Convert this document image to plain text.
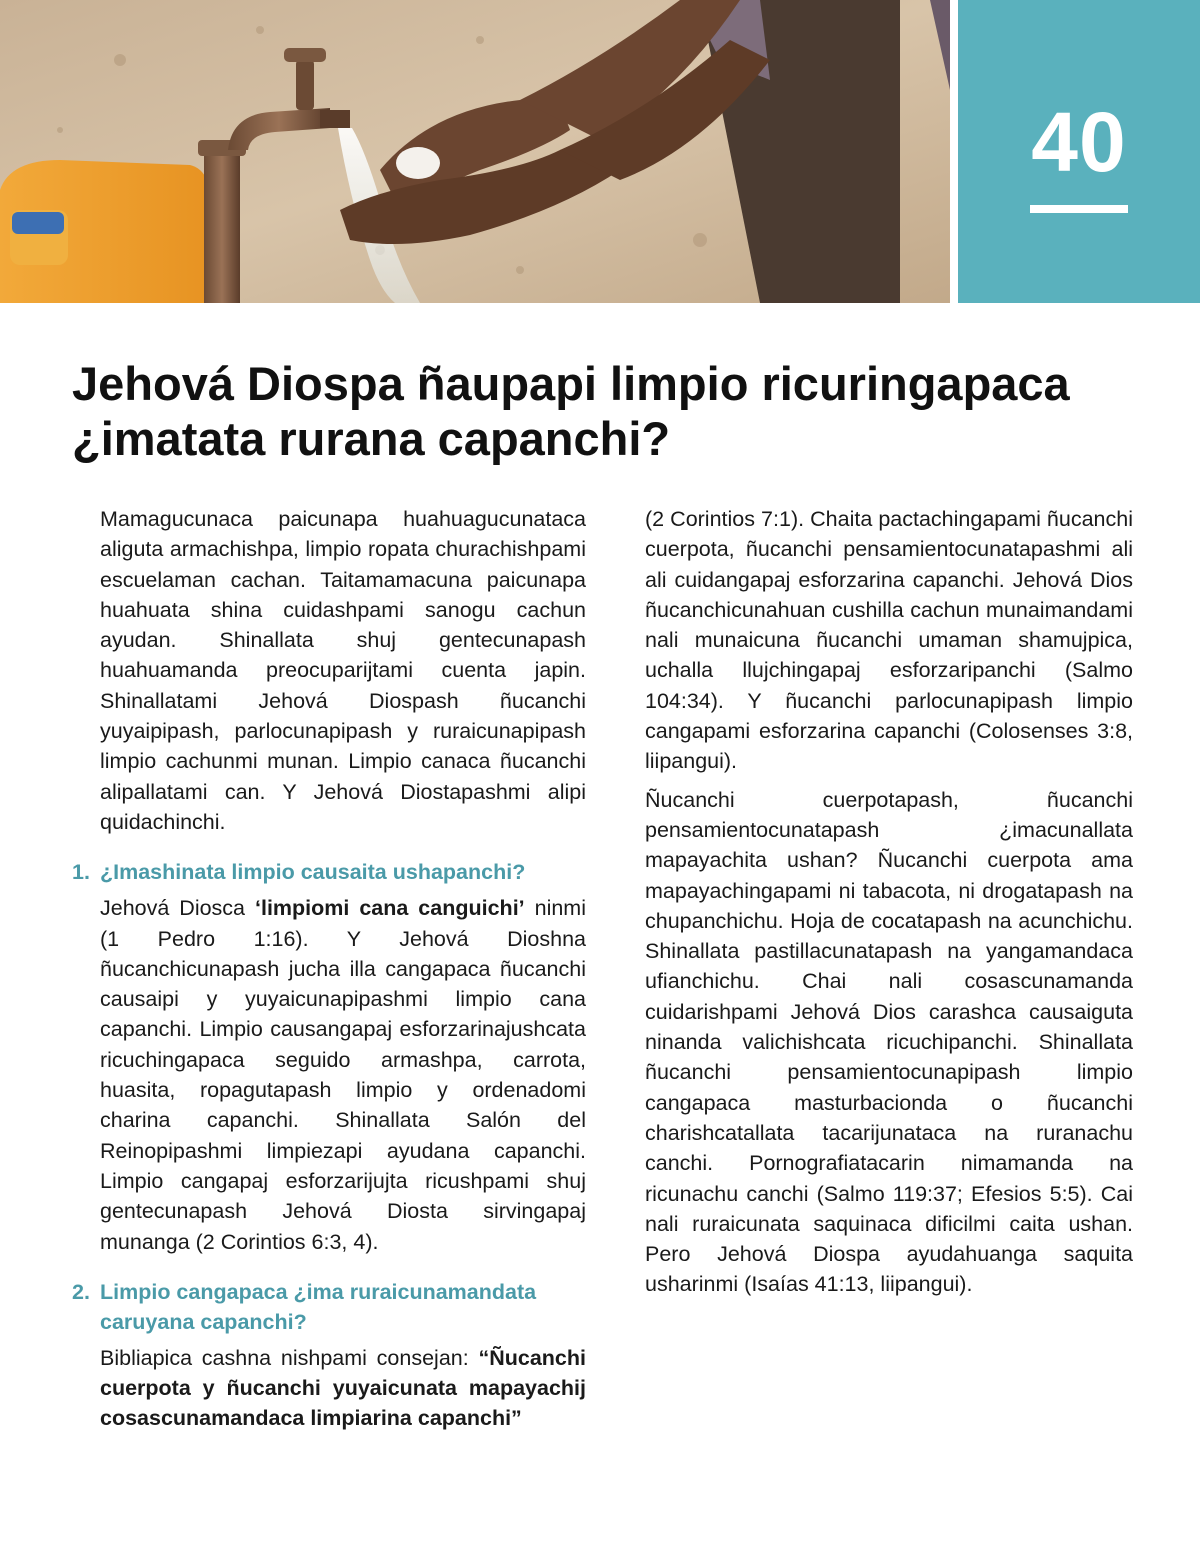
40
Jehová Diospa ñaupapi limpio ricuringapaca ¿imatata rurana capanchi?

Mamagucunaca paicunapa huahuagucunataca aliguta armachishpa, limpio ropata churachishpami escuelaman cachan. Taitamamacuna paicunapa huahuata shina cuidashpami sanogu cachun ayudan. Shinallata shuj gentecunapash huahuamanda preocuparijtami cuenta japin. Shinallatami Jehová Diospash ñucanchi yuyaipipash, parlocunapipash y ruraicunapipash limpio cachunmi munan. Limpio canaca ñucanchi alipallatami can. Y Jehová Diostapashmi alipi quidachinchi.

1. ¿Imashinata limpio causaita ushapanchi?

Jehová Diosca ‘limpiomi cana canguichi’ ninmi (1 Pedro 1:16). Y Jehová Dioshna ñucanchicunapash jucha illa cangapaca ñucanchi causaipi y yuyaicunapipashmi limpio cana capanchi. Limpio causangapaj esforzarinajushcata ricuchingapaca seguido armashpa, carrota, huasita, ropagutapash limpio y ordenadomi charina capanchi. Shinallata Salón del Reinopipashmi limpiezapi ayudana capanchi. Limpio cangapaj esforzarijujta ricushpami shuj gentecunapash Jehová Diosta sirvingapaj munanga (2 Corintios 6:3, 4).

2. Limpio cangapaca ¿ima ruraicunamandata caruyana capanchi?

Bibliapica cashna nishpami consejan: “Ñucanchi cuerpota y ñucanchi yuyaicunata mapayachij cosascunamandaca limpiarina capanchi”

(2 Corintios 7:1). Chaita pactachingapami ñucanchi cuerpota, ñucanchi pensamientocunatapashmi ali ali cuidangapaj esforzarina capanchi. Jehová Dios ñucanchicunahuan cushilla cachun munaimandami nali munaicuna ñucanchi umaman shamujpica, uchalla llujchingapaj esforzaripanchi (Salmo 104:34). Y ñucanchi parlocunapipash limpio cangapami esforzarina capanchi (Colosenses 3:8, liipangui).

Ñucanchi cuerpotapash, ñucanchi pensamientocunatapash ¿imacunallata mapayachita ushan? Ñucanchi cuerpota ama mapayachingapami ni tabacota, ni drogatapash na chupanchichu. Hoja de cocatapash na acunchichu. Shinallata pastillacunatapash na yangamandaca ufianchichu. Chai nali cosascunamanda cuidarishpami Jehová Dios carashca causaiguta ninanda valichishcata ricuchipanchi. Shinallata ñucanchi pensamientocunapipash limpio cangapaca masturbacionda o ñucanchi charishcatallata tacarijunataca na ruranachu canchi. Pornografiatacarin nimamanda na ricunachu canchi (Salmo 119:37; Efesios 5:5). Cai nali ruraicunata saquinaca dificilmi caita ushan. Pero Jehová Diospa ayudahuanga saquita usharinmi (Isaías 41:13, liipangui).
